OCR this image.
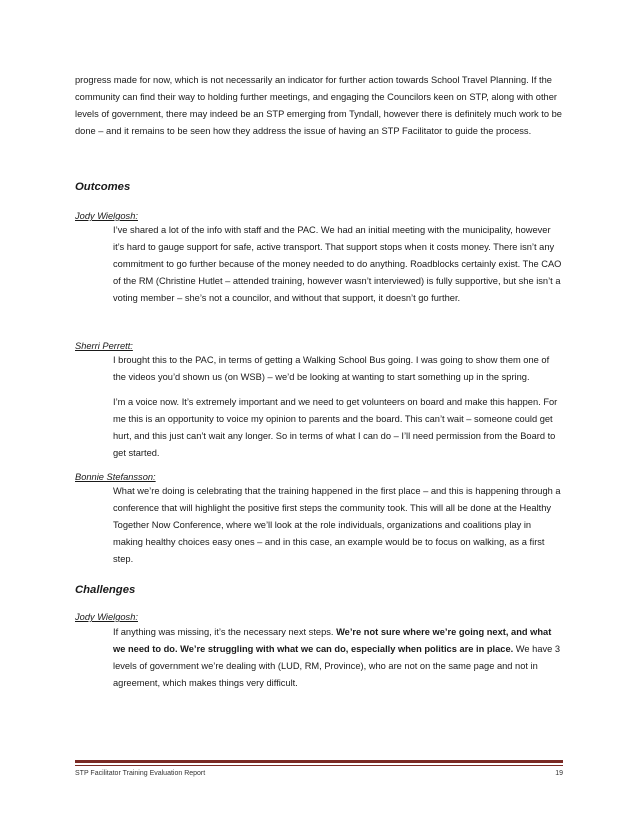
progress made for now, which is not necessarily an indicator for further action towards School Travel Planning. If the community can find their way to holding further meetings, and engaging the Councilors keen on STP, along with other levels of government, there may indeed be an STP emerging from Tyndall, however there is definitely much work to be done – and it remains to be seen how they address the issue of having an STP Facilitator to guide the process.

Outcomes
Jody Wielgosh:

I’ve shared a lot of the info with staff and the PAC. We had an initial meeting with the municipality, however it’s hard to gauge support for safe, active transport. That support stops when it costs money. There isn’t any commitment to go further because of the money needed to do anything. Roadblocks certainly exist. The CAO of the RM (Christine Hutlet – attended training, however wasn’t interviewed) is fully supportive, but she isn’t a voting member – she’s not a councilor, and without that support, it doesn’t go further.

Sherri Perrett:

I brought this to the PAC, in terms of getting a Walking School Bus going. I was going to show them one of the videos you’d shown us (on WSB) – we’d be looking at wanting to start something up in the spring.

I’m a voice now. It’s extremely important and we need to get volunteers on board and make this happen. For me this is an opportunity to voice my opinion to parents and the board. This can’t wait – someone could get hurt, and this just can’t wait any longer. So in terms of what I can do – I’ll need permission from the Board to get started.

Bonnie Stefansson:

What we’re doing is celebrating that the training happened in the first place – and this is happening through a conference that will highlight the positive first steps the community took. This will all be done at the Healthy Together Now Conference, where we’ll look at the role individuals, organizations and coalitions play in making healthy choices easy ones – and in this case, an example would be to focus on walking, as a first step.

Challenges
Jody Wielgosh:

If anything was missing, it’s the necessary next steps. We’re not sure where we’re going next, and what we need to do. We’re struggling with what we can do, especially when politics are in place. We have 3 levels of government we’re dealing with (LUD, RM, Province), who are not on the same page and not in agreement, which makes things very difficult.

STP Facilitator Training Evaluation Report	19
